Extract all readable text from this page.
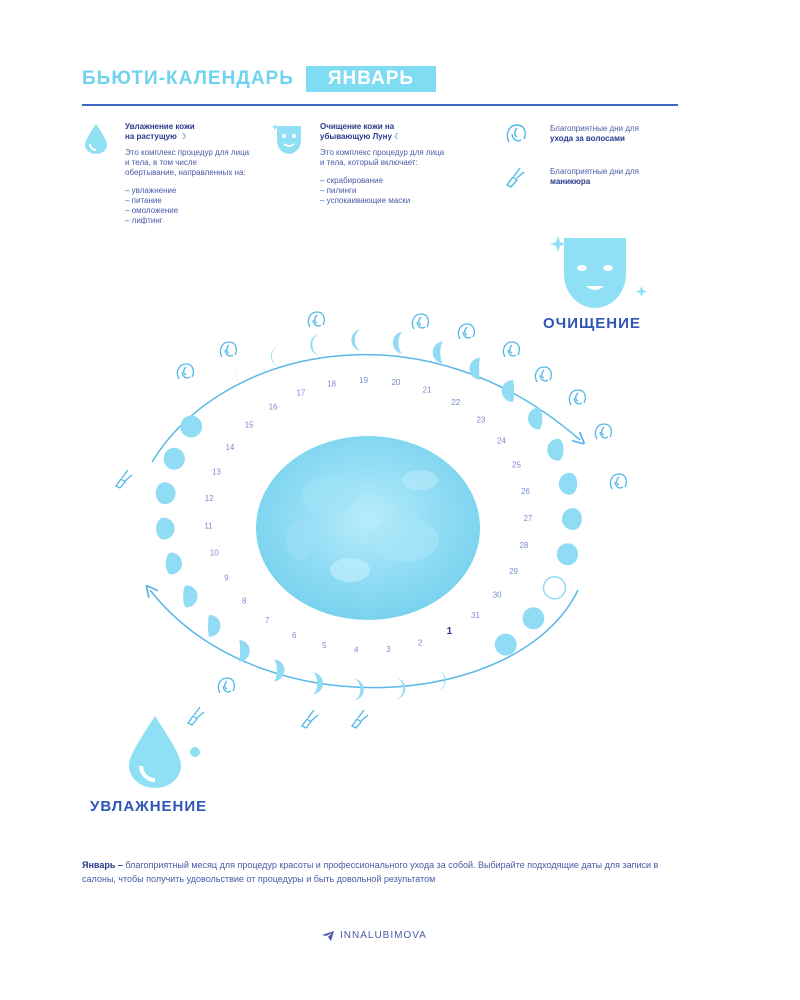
БЬЮТИ-КАЛЕНДАРЬ	ЯНВАРЬ
Увлажнение кожи
на растущую ☽
Это комплекс процедур для лица и тела, в том числе обертывание, направленных на:
– увлажнение
– питание
– омоложение
– лифтинг
Очищение кожи на
убывающую Луну ☾
Это комплекс процедур для лица и тела, который включает:
– скрабирование
– пилинги
– успокаивающие маски
Благоприятные дни для
ухода за волосами
Благоприятные дни для маникюра
ОЧИЩЕНИЕ
УВЛАЖНЕНИЕ
1
2
3
4
5
6
7
8
9
10
11
12
13
14
15
16
17
18	19	20
21
22
23
24
25
26
27
28
29
30
31
Январь – благоприятный месяц для процедур красоты и профессионального ухода за собой. Выбирайте подходящие даты для записи в салоны, чтобы получить удовольствие от процедуры и быть довольной результатом
INNALUBIMOVA
